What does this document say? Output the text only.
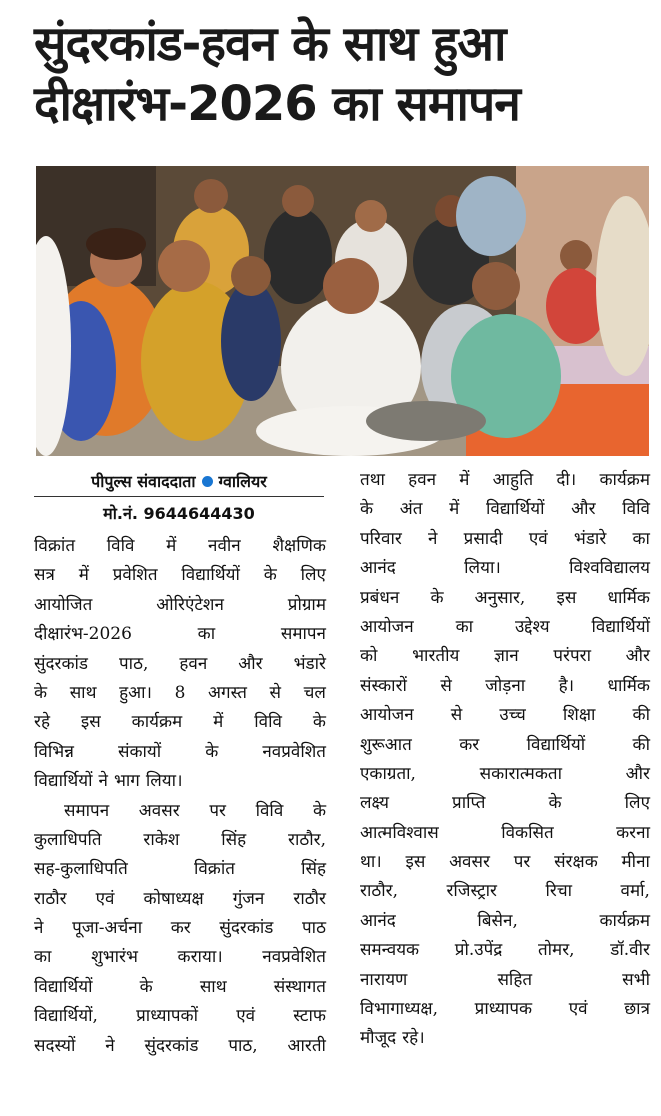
सुंदरकांड-हवन के साथ हुआ
दीक्षारंभ-2026 का समापन
पीपुल्स संवाददाता ग्वालियर
मो.नं. 9644644430
विक्रांत विवि में नवीन शैक्षणिक
सत्र में प्रवेशित विद्यार्थियों के लिए
आयोजित	ओरिएंटेशन	प्रोग्राम
दीक्षारंभ-2026	का	समापन
सुंदरकांड पाठ, हवन और भंडारे
के साथ हुआ। 8 अगस्त से चल
रहे इस कार्यक्रम में विवि के
विभिन्न	संकायों	के	नवप्रवेशित
विद्यार्थियों ने भाग लिया।
समापन अवसर पर विवि के
कुलाधिपति राकेश सिंह राठौर,
सह-कुलाधिपति	विक्रांत	सिंह
राठौर एवं कोषाध्यक्ष गुंजन राठौर
ने पूजा-अर्चना कर सुंदरकांड पाठ
का शुभारंभ कराया। नवप्रवेशित
विद्यार्थियों	के	साथ	संस्थागत
विद्यार्थियों, प्राध्यापकों एवं स्टाफ
सदस्यों ने सुंदरकांड पाठ, आरती
तथा हवन में आहुति दी। कार्यक्रम
के अंत में विद्यार्थियों और विवि
परिवार ने प्रसादी एवं भंडारे का
आनंद	लिया।	विश्वविद्यालय
प्रबंधन के अनुसार, इस धार्मिक
आयोजन का उद्देश्य विद्यार्थियों
को भारतीय ज्ञान परंपरा और
संस्कारों से जोड़ना है। धार्मिक
आयोजन से उच्च शिक्षा की
शुरूआत	कर	विद्यार्थियों	की
एकाग्रता,	सकारात्मकता	और
लक्ष्य	प्राप्ति	के	लिए
आत्मविश्वास	विकसित	करना
था। इस अवसर पर संरक्षक मीना
राठौर,	रजिस्ट्रार	रिचा	वर्मा,
आनंद	बिसेन,	कार्यक्रम
समन्वयक प्रो.उपेंद्र तोमर, डॉ.वीर
नारायण	सहित	सभी
विभागाध्यक्ष, प्राध्यापक एवं छात्र
मौजूद रहे।
